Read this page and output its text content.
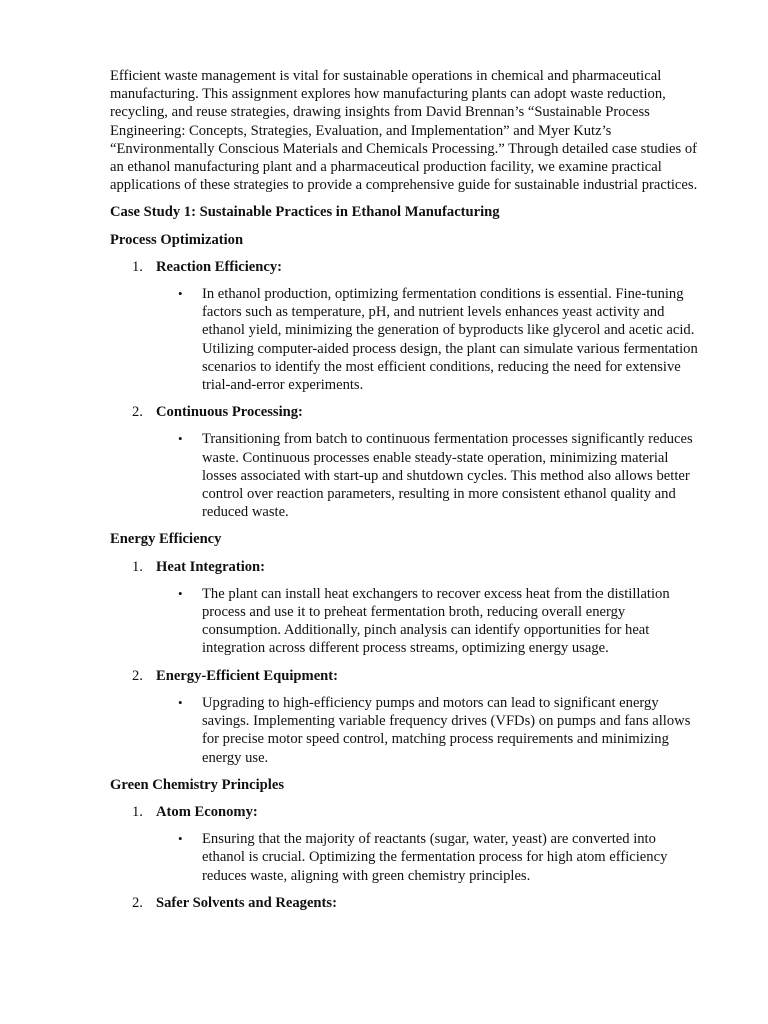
Efficient waste management is vital for sustainable operations in chemical and pharmaceutical manufacturing. This assignment explores how manufacturing plants can adopt waste reduction, recycling, and reuse strategies, drawing insights from David Brennan’s “Sustainable Process Engineering: Concepts, Strategies, Evaluation, and Implementation” and Myer Kutz’s “Environmentally Conscious Materials and Chemicals Processing.” Through detailed case studies of an ethanol manufacturing plant and a pharmaceutical production facility, we examine practical applications of these strategies to provide a comprehensive guide for sustainable industrial practices.

Case Study 1: Sustainable Practices in Ethanol Manufacturing

Process Optimization

1. Reaction Efficiency:
• In ethanol production, optimizing fermentation conditions is essential. Fine-tuning factors such as temperature, pH, and nutrient levels enhances yeast activity and ethanol yield, minimizing the generation of byproducts like glycerol and acetic acid. Utilizing computer-aided process design, the plant can simulate various fermentation scenarios to identify the most efficient conditions, reducing the need for extensive trial-and-error experiments.
2. Continuous Processing:
• Transitioning from batch to continuous fermentation processes significantly reduces waste. Continuous processes enable steady-state operation, minimizing material losses associated with start-up and shutdown cycles. This method also allows better control over reaction parameters, resulting in more consistent ethanol quality and reduced waste.

Energy Efficiency

1. Heat Integration:
• The plant can install heat exchangers to recover excess heat from the distillation process and use it to preheat fermentation broth, reducing overall energy consumption. Additionally, pinch analysis can identify opportunities for heat integration across different process streams, optimizing energy usage.
2. Energy-Efficient Equipment:
• Upgrading to high-efficiency pumps and motors can lead to significant energy savings. Implementing variable frequency drives (VFDs) on pumps and fans allows for precise motor speed control, matching process requirements and minimizing energy use.

Green Chemistry Principles

1. Atom Economy:
• Ensuring that the majority of reactants (sugar, water, yeast) are converted into ethanol is crucial. Optimizing the fermentation process for high atom efficiency reduces waste, aligning with green chemistry principles.
2. Safer Solvents and Reagents:
